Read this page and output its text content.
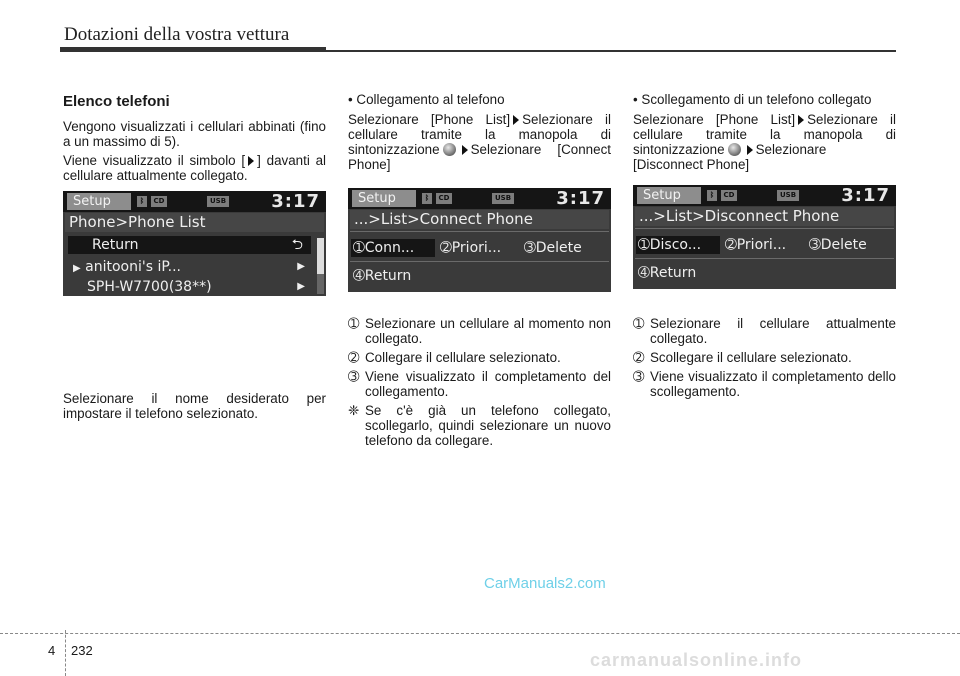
Dotazioni della vostra vettura
Elenco telefoni
Vengono visualizzati i cellulari abbinati (fino a un massimo di 5).
Viene visualizzato il simbolo [ ] davanti al cellulare attualmente collegato.
Selezionare il nome desiderato per impostare il telefono selezionato.
Setup	ᛒ	CD	USB	3:17
Phone>Phone List
Return	⮌
▶ anitooni's iP...	▶
SPH-W7700(38**)	▶
• Collegamento al telefono
Selezionare [Phone List] Selezionare il cellulare tramite la manopola di sintonizzazione Selezionare [Connect Phone]
➀ Selezionare un cellulare al momento non collegato.
➁ Collegare il cellulare selezionato.
➂ Viene visualizzato il completamento del collegamento.
❈ Se c'è già un telefono collegato, scollegarlo, quindi selezionare un nuovo telefono da collegare.
Setup	ᛒ	CD	USB	3:17
...>List>Connect Phone
➀Conn...	➁Priori... ➂Delete
➃Return
• Scollegamento di un telefono collegato
Selezionare [Phone List] Selezionare il cellulare tramite la manopola di sintonizzazione Selezionare [Disconnect Phone]
➀ Selezionare il cellulare attualmente collegato.
➁ Scollegare il cellulare selezionato.
➂ Viene visualizzato il completamento dello scollegamento.
Setup	ᛒ	CD	USB	3:17
...>List>Disconnect Phone
➀Disco...	➁Priori... ➂Delete
➃Return
CarManuals2.com
4 232	carmanualsonline.info
